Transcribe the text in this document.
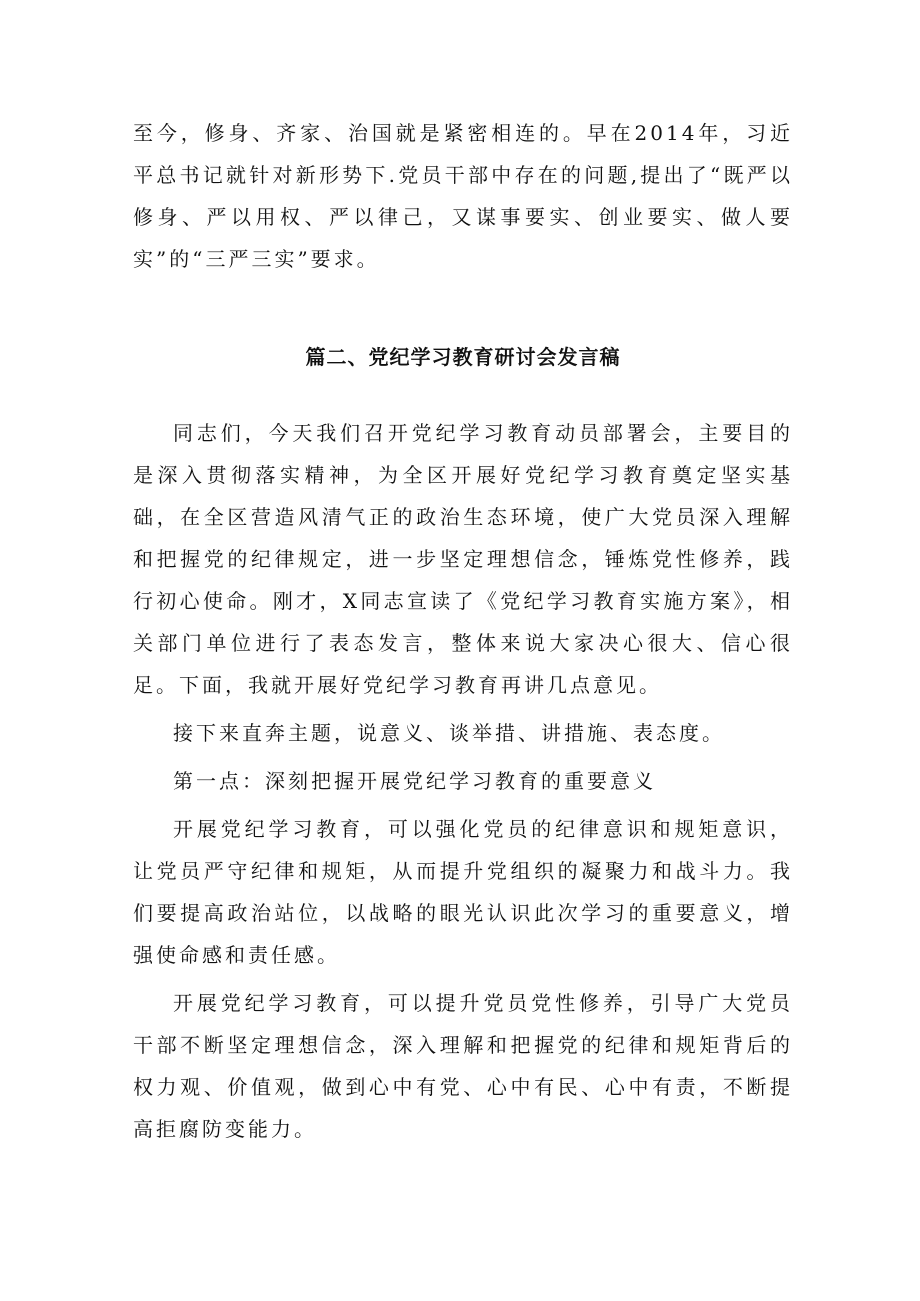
至今，修身、齐家、治国就是紧密相连的。早在2014年，习近平总书记就针对新形势下.党员干部中存在的问题,提出了“既严以修身、严以用权、严以律己，又谋事要实、创业要实、做人要实”的“三严三实”要求。

篇二、党纪学习教育研讨会发言稿

同志们，今天我们召开党纪学习教育动员部署会，主要目的是深入贯彻落实精神，为全区开展好党纪学习教育奠定坚实基础，在全区营造风清气正的政治生态环境，使广大党员深入理解和把握党的纪律规定，进一步坚定理想信念，锤炼党性修养，践行初心使命。刚才，X同志宣读了《党纪学习教育实施方案》，相关部门单位进行了表态发言，整体来说大家决心很大、信心很足。下面，我就开展好党纪学习教育再讲几点意见。

接下来直奔主题，说意义、谈举措、讲措施、表态度。

第一点：深刻把握开展党纪学习教育的重要意义

开展党纪学习教育，可以强化党员的纪律意识和规矩意识，让党员严守纪律和规矩，从而提升党组织的凝聚力和战斗力。我们要提高政治站位，以战略的眼光认识此次学习的重要意义，增强使命感和责任感。

开展党纪学习教育，可以提升党员党性修养，引导广大党员干部不断坚定理想信念，深入理解和把握党的纪律和规矩背后的权力观、价值观，做到心中有党、心中有民、心中有责，不断提高拒腐防变能力。
